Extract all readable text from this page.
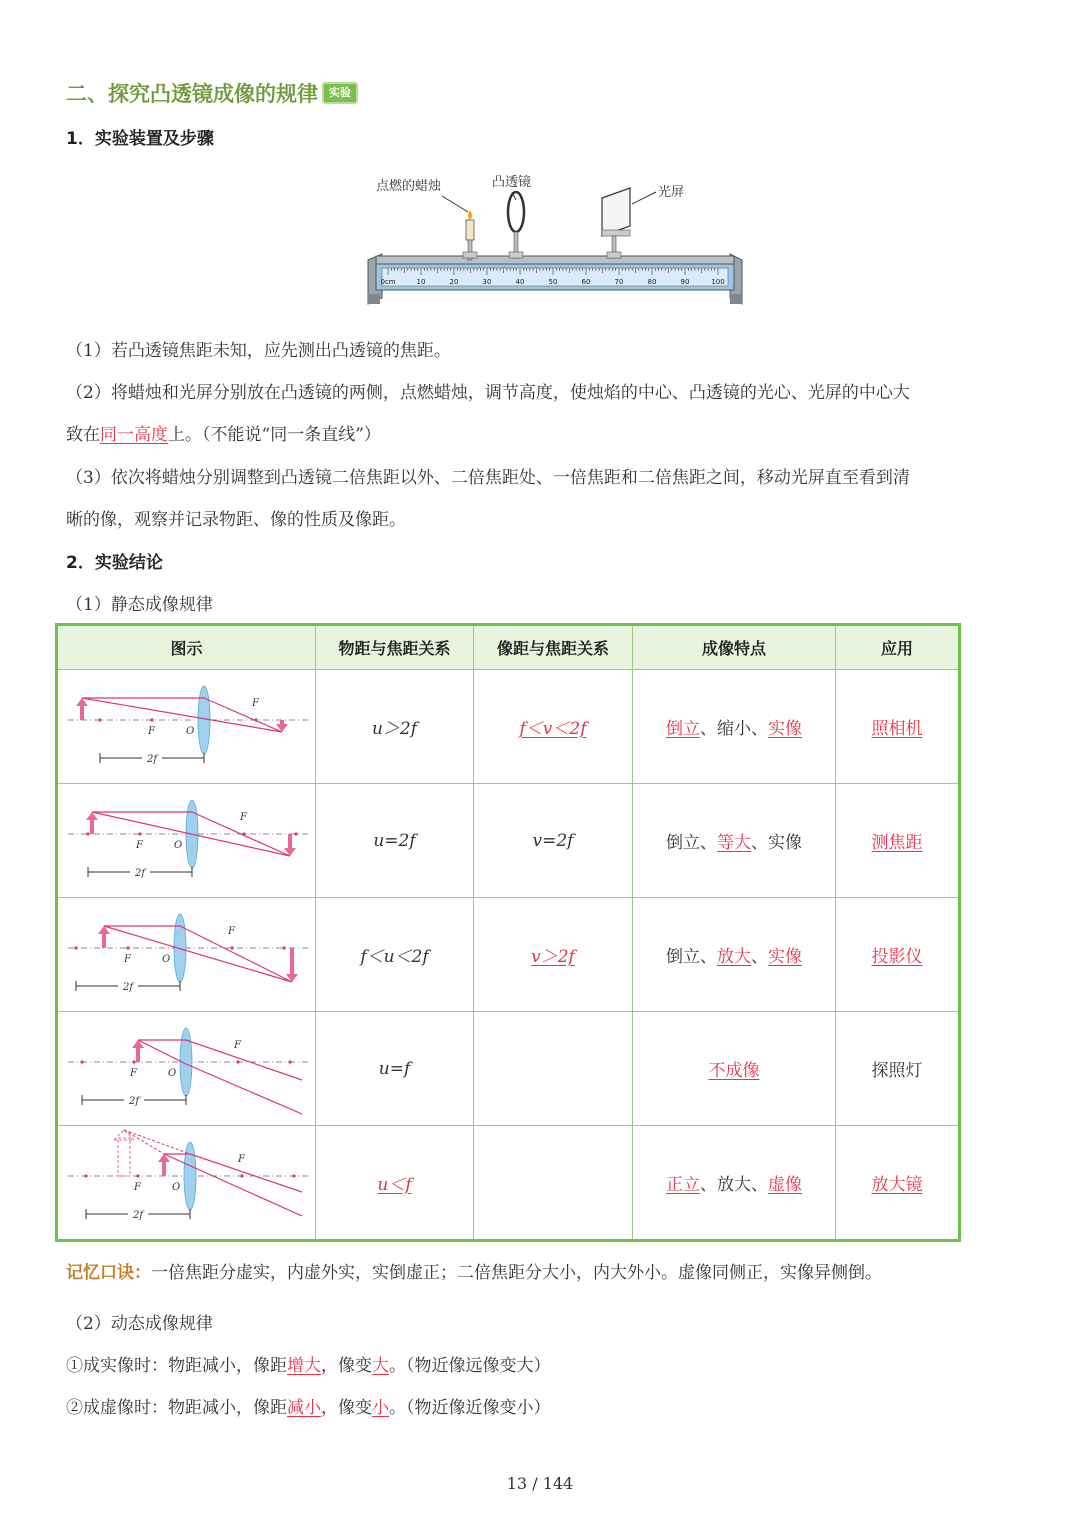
二、探究凸透镜成像的规律	实验
1．实验装置及步骤
点燃的蜡烛	凸透镜
光屏
0cm	10	20	30	40	50	60	70	80	90	100
（1）若凸透镜焦距未知，应先测出凸透镜的焦距。
（2）将蜡烛和光屏分别放在凸透镜的两侧，点燃蜡烛，调节高度，使烛焰的中心、凸透镜的光心、光屏的中心大
致在同一高度上。（不能说“同一条直线”）
（3）依次将蜡烛分别调整到凸透镜二倍焦距以外、二倍焦距处、一倍焦距和二倍焦距之间，移动光屏直至看到清
晰的像，观察并记录物距、像的性质及像距。
2．实验结论
（1）静态成像规律
图示	物距与焦距关系	像距与焦距关系	成像特点	应用

F O
F
2f	u＞2f	f＜v＜2f	倒立、缩小、实像	照相机

F O
F
2f	u=2f	v=2f	倒立、等大、实像	测焦距

F O
F
2f	f＜u＜2f	v＞2f	倒立、放大、实像	投影仪

F O
F
2f	u=f		不成像	探照灯

F O
F
2f	u＜f		正立、放大、虚像	放大镜
记忆口诀：一倍焦距分虚实，内虚外实，实倒虚正；二倍焦距分大小，内大外小。虚像同侧正，实像异侧倒。
（2）动态成像规律
①成实像时：物距减小，像距增大，像变大。（物近像远像变大）
②成虚像时：物距减小，像距减小，像变小。（物近像近像变小）
13 / 144
